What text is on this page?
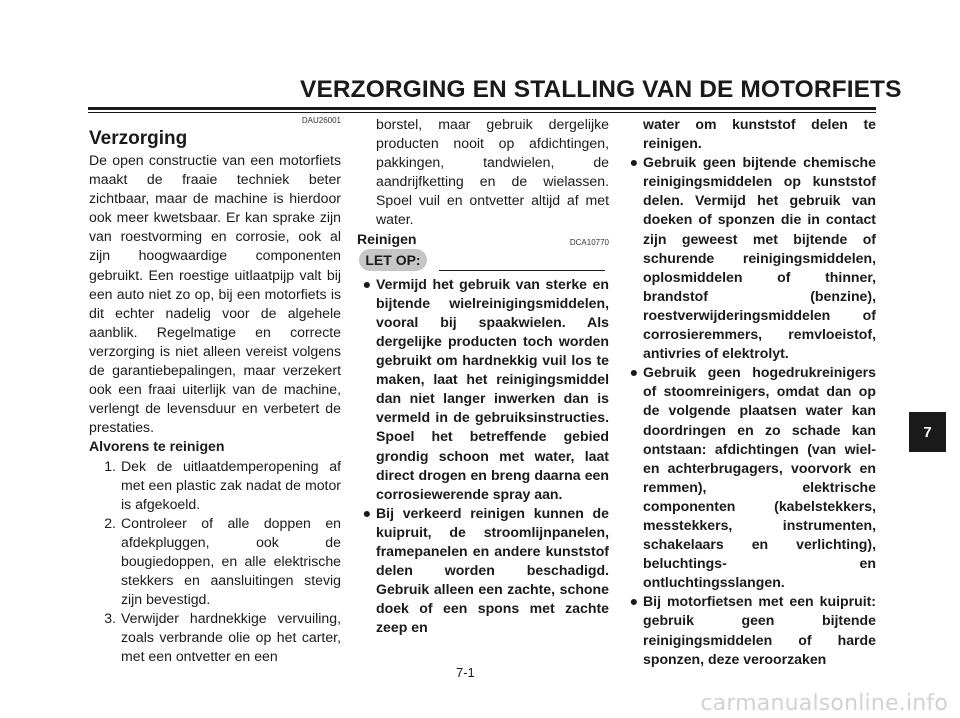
VERZORGING EN STALLING VAN DE MOTORFIETS
DAU26001
Verzorging
De open constructie van een motorfiets maakt de fraaie techniek beter zichtbaar, maar de machine is hierdoor ook meer kwetsbaar. Er kan sprake zijn van roestvorming en corrosie, ook al zijn hoogwaardige componenten gebruikt. Een roestige uitlaatpijp valt bij een auto niet zo op, bij een motorfiets is dit echter nadelig voor de algehele aanblik. Regelmatige en correcte verzorging is niet alleen vereist volgens de garantiebepalingen, maar verzekert ook een fraai uiterlijk van de machine, verlengt de levensduur en verbetert de prestaties.
Alvorens te reinigen
1. Dek de uitlaatdemperopening af met een plastic zak nadat de motor is afgekoeld.
2. Controleer of alle doppen en afdekpluggen, ook de bougiedoppen, en alle elektrische stekkers en aansluitingen stevig zijn bevestigd.
3. Verwijder hardnekkige vervuiling, zoals verbrande olie op het carter, met een ontvetter en een
borstel, maar gebruik dergelijke producten nooit op afdichtingen, pakkingen, tandwielen, de aandrijfketting en de wielassen. Spoel vuil en ontvetter altijd af met water.
Reinigen	DCA10770
LET OP:
● Vermijd het gebruik van sterke en bijtende wielreinigingsmiddelen, vooral bij spaakwielen. Als dergelijke producten toch worden gebruikt om hardnekkig vuil los te maken, laat het reinigingsmiddel dan niet langer inwerken dan is vermeld in de gebruiksinstructies. Spoel het betreffende gebied grondig schoon met water, laat direct drogen en breng daarna een corrosiewerende spray aan.
● Bij verkeerd reinigen kunnen de kuipruit, de stroomlijnpanelen, framepanelen en andere kunststof delen worden beschadigd. Gebruik alleen een zachte, schone doek of een spons met zachte zeep en
water om kunststof delen te reinigen.
● Gebruik geen bijtende chemische reinigingsmiddelen op kunststof delen. Vermijd het gebruik van doeken of sponzen die in contact zijn geweest met bijtende of schurende reinigingsmiddelen, oplosmiddelen of thinner, brandstof (benzine), roestverwijderingsmiddelen of corrosieremmers, remvloeistof, antivries of elektrolyt.
● Gebruik geen hogedrukreinigers of stoomreinigers, omdat dan op de volgende plaatsen water kan doordringen en zo schade kan ontstaan: afdichtingen (van wiel- en achterbrugagers, voorvork en remmen), elektrische componenten (kabelstekkers, messtekkers, instrumenten, schakelaars en verlichting), beluchtings- en ontluchtingsslangen.
● Bij motorfietsen met een kuipruit: gebruik geen bijtende reinigingsmiddelen of harde sponzen, deze veroorzaken
7
7-1
carmanualsonline.info
